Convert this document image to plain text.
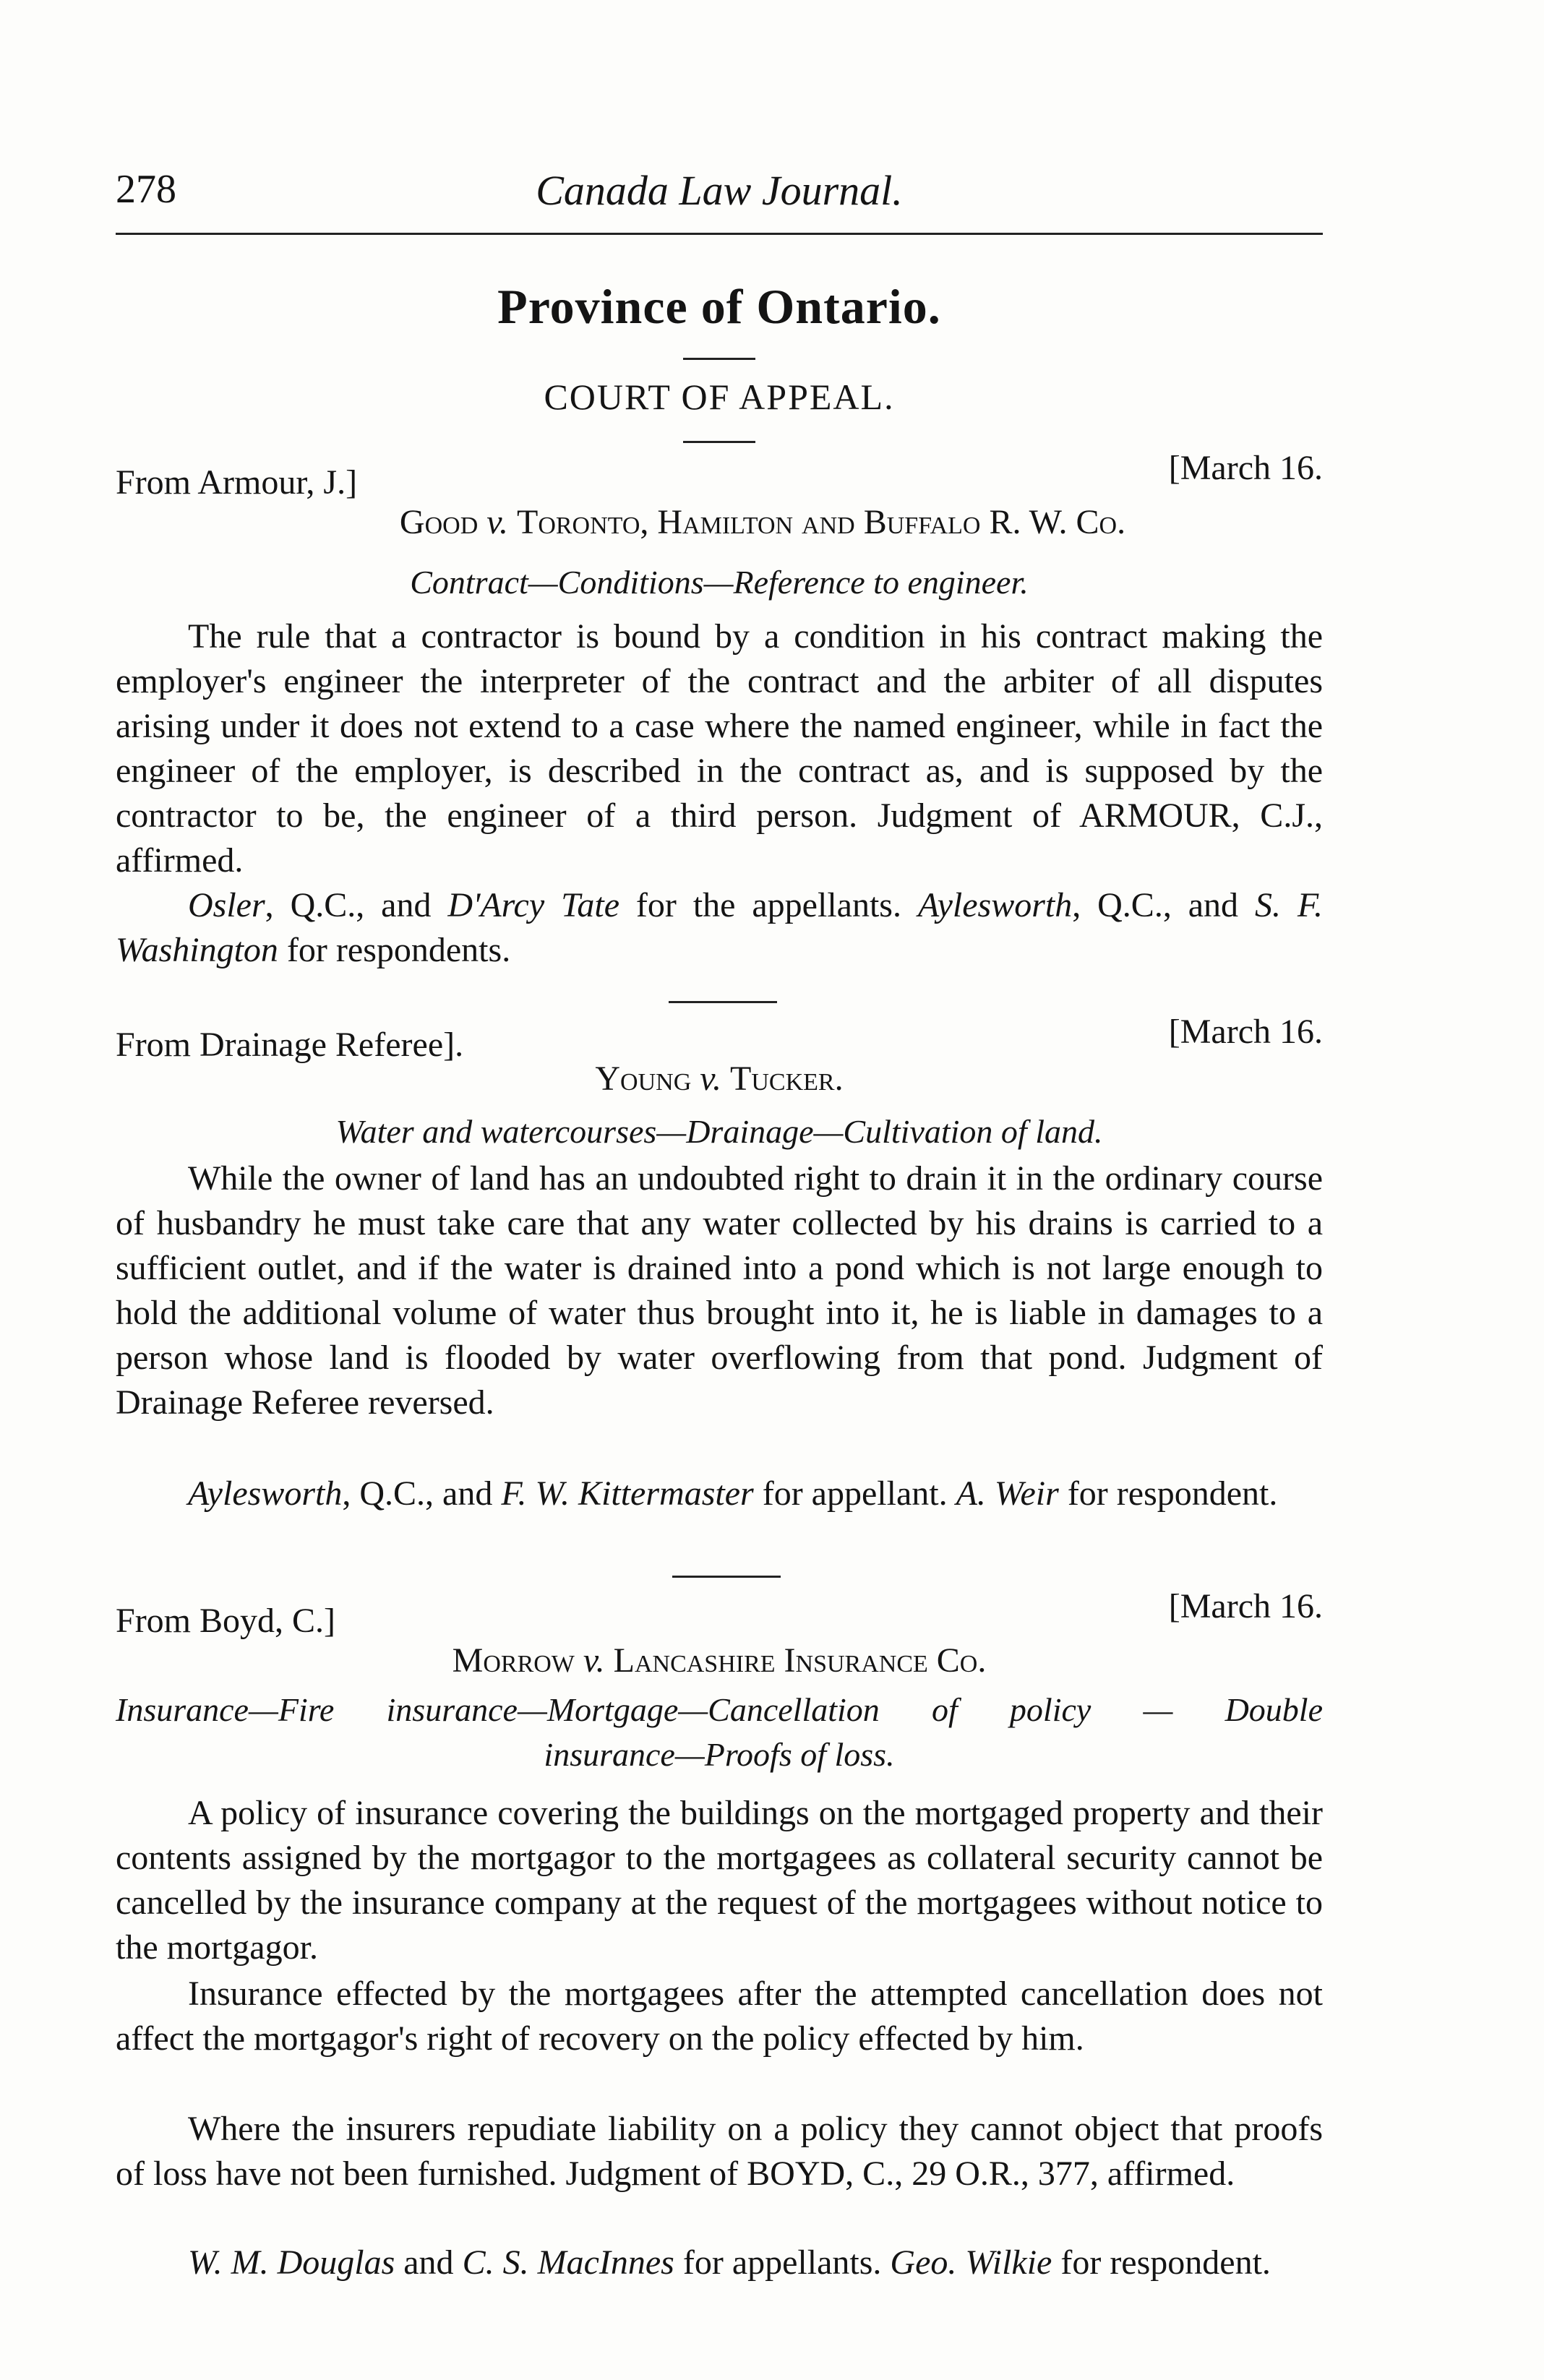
278	Canada Law Journal.
Province of Ontario.
COURT OF APPEAL.
From Armour, J.]	[March 16.
Good v. Toronto, Hamilton and Buffalo R. W. Co.
Contract—Conditions—Reference to engineer.

The rule that a contractor is bound by a condition in his contract making the employer's engineer the interpreter of the contract and the arbiter of all disputes arising under it does not extend to a case where the named engineer, while in fact the engineer of the employer, is described in the contract as, and is supposed by the contractor to be, the engineer of a third person. Judgment of ARMOUR, C.J., affirmed.

Osler, Q.C., and D'Arcy Tate for the appellants. Aylesworth, Q.C., and S. F. Washington for respondents.

From Drainage Referee].	[March 16.
Young v. Tucker.
Water and watercourses—Drainage—Cultivation of land.

While the owner of land has an undoubted right to drain it in the ordinary course of husbandry he must take care that any water collected by his drains is carried to a sufficient outlet, and if the water is drained into a pond which is not large enough to hold the additional volume of water thus brought into it, he is liable in damages to a person whose land is flooded by water overflowing from that pond. Judgment of Drainage Referee reversed.

Aylesworth, Q.C., and F. W. Kittermaster for appellant. A. Weir for respondent.

From Boyd, C.]	[March 16.
Morrow v. Lancashire Insurance Co.
Insurance—Fire insurance—Mortgage—Cancellation of policy — Double
insurance—Proofs of loss.

A policy of insurance covering the buildings on the mortgaged property and their contents assigned by the mortgagor to the mortgagees as collateral security cannot be cancelled by the insurance company at the request of the mortgagees without notice to the mortgagor.

Insurance effected by the mortgagees after the attempted cancellation does not affect the mortgagor's right of recovery on the policy effected by him.

Where the insurers repudiate liability on a policy they cannot object that proofs of loss have not been furnished. Judgment of BOYD, C., 29 O.R., 377, affirmed.

W. M. Douglas and C. S. MacInnes for appellants. Geo. Wilkie for respondent.
